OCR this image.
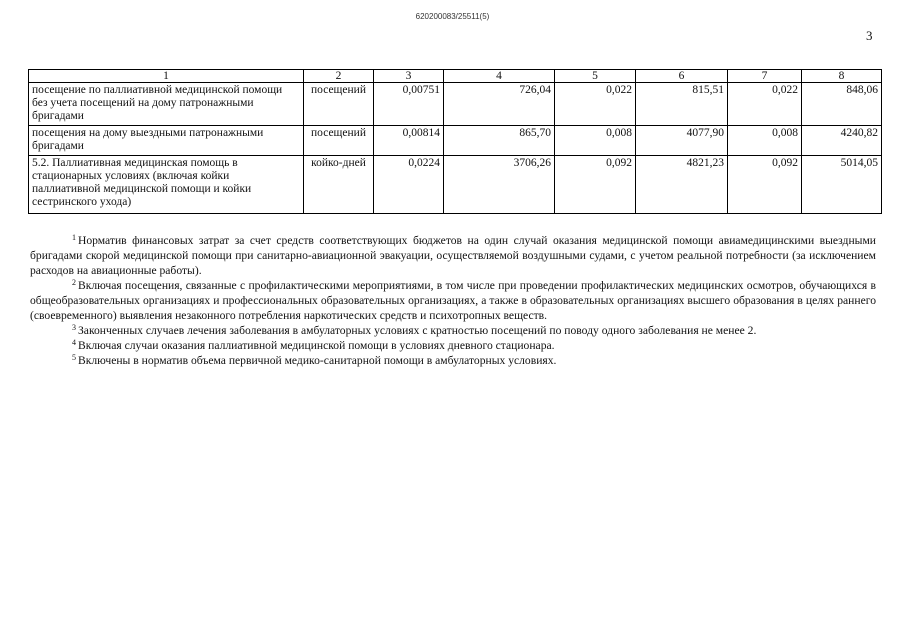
620200083/25511(5)
3
1	2	3	4	5	6	7	8
посещение по паллиативной медицинской помощи без учета посещений на дому патронажными бригадами	посещений	0,00751	726,04	0,022	815,51	0,022	848,06
посещения на дому выездными патронажными бригадами	посещений	0,00814	865,70	0,008	4077,90	0,008	4240,82
5.2. Паллиативная медицинская помощь в стационарных условиях (включая койки паллиативной медицинской помощи и койки сестринского ухода)	койко-дней	0,0224	3706,26	0,092	4821,23	0,092	5014,05

$^1$ Норматив финансовых затрат за счет средств соответствующих бюджетов на один случай оказания медицинской помощи авиамедицинскими выездными бригадами скорой медицинской помощи при санитарно-авиационной эвакуации, осуществляемой воздушными судами, с учетом реальной потребности (за исключением расходов на авиационные работы).

$^2$ Включая посещения, связанные с профилактическими мероприятиями, в том числе при проведении профилактических медицинских осмотров, обучающихся в общеобразовательных организациях и профессиональных образовательных организациях, а также в образовательных организациях высшего образования в целях раннего (своевременного) выявления незаконного потребления наркотических средств и психотропных веществ.

$^3$ Законченных случаев лечения заболевания в амбулаторных условиях с кратностью посещений по поводу одного заболевания не менее 2.

$^4$ Включая случаи оказания паллиативной медицинской помощи в условиях дневного стационара.

$^5$ Включены в норматив объема первичной медико-санитарной помощи в амбулаторных условиях.
